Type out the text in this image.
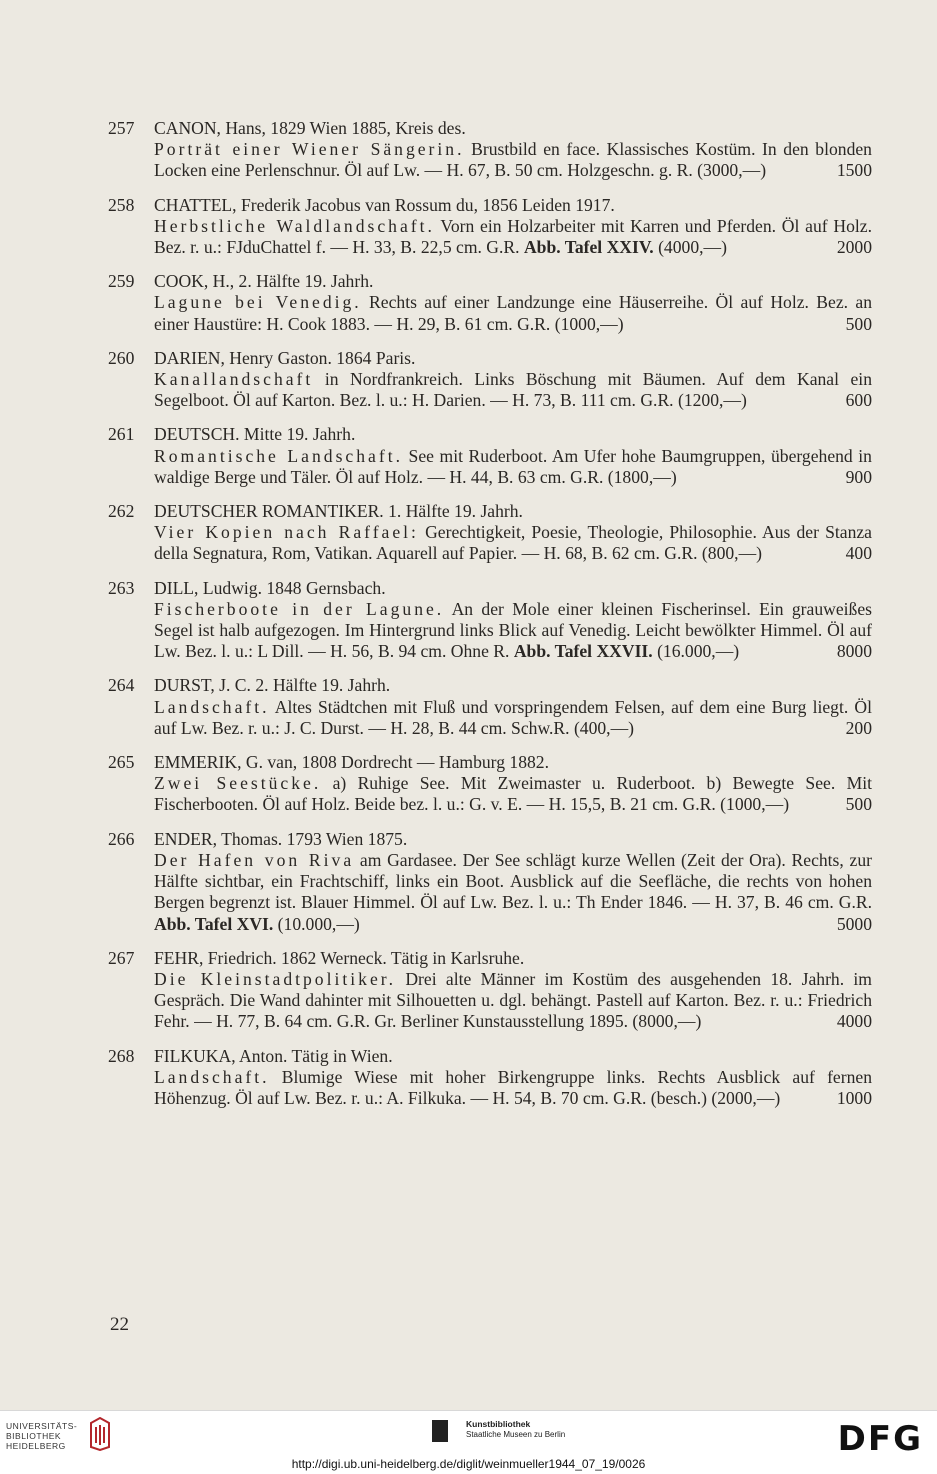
257	CANON, Hans, 1829 Wien 1885, Kreis des.
Porträt einer Wiener Sängerin. Brustbild en face. Klassisches Kostüm. In den blonden Locken eine Perlenschnur. Öl auf Lw. — H. 67, B. 50 cm. Holzgeschn. g. R. (3000,—)	1500
258	CHATTEL, Frederik Jacobus van Rossum du, 1856 Leiden 1917.
Herbstliche Waldlandschaft. Vorn ein Holzarbeiter mit Karren und Pferden. Öl auf Holz. Bez. r. u.: FJduChattel f. — H. 33, B. 22,5 cm. G.R. Abb. Tafel XXIV. (4000,—)	2000
259	COOK, H., 2. Hälfte 19. Jahrh.
Lagune bei Venedig. Rechts auf einer Landzunge eine Häuserreihe. Öl auf Holz. Bez. an einer Haustüre: H. Cook 1883. — H. 29, B. 61 cm. G.R. (1000,—)	500
260	DARIEN, Henry Gaston. 1864 Paris.
Kanallandschaft in Nordfrankreich. Links Böschung mit Bäumen. Auf dem Kanal ein Segelboot. Öl auf Karton. Bez. l. u.: H. Darien. — H. 73, B. 111 cm. G.R. (1200,—)	600
261	DEUTSCH. Mitte 19. Jahrh.
Romantische Landschaft. See mit Ruderboot. Am Ufer hohe Baumgruppen, übergehend in waldige Berge und Täler. Öl auf Holz. — H. 44, B. 63 cm. G.R. (1800,—)	900
262	DEUTSCHER ROMANTIKER. 1. Hälfte 19. Jahrh.
Vier Kopien nach Raffael: Gerechtigkeit, Poesie, Theologie, Philosophie. Aus der Stanza della Segnatura, Rom, Vatikan. Aquarell auf Papier. — H. 68, B. 62 cm. G.R. (800,—)	400
263	DILL, Ludwig. 1848 Gernsbach.
Fischerboote in der Lagune. An der Mole einer kleinen Fischerinsel. Ein grauweißes Segel ist halb aufgezogen. Im Hintergrund links Blick auf Venedig. Leicht bewölkter Himmel. Öl auf Lw. Bez. l. u.: L Dill. — H. 56, B. 94 cm. Ohne R. Abb. Tafel XXVII. (16.000,—)	8000
264	DURST, J. C. 2. Hälfte 19. Jahrh.
Landschaft. Altes Städtchen mit Fluß und vorspringendem Felsen, auf dem eine Burg liegt. Öl auf Lw. Bez. r. u.: J. C. Durst. — H. 28, B. 44 cm. Schw.R. (400,—)	200
265	EMMERIK, G. van, 1808 Dordrecht — Hamburg 1882.
Zwei Seestücke. a) Ruhige See. Mit Zweimaster u. Ruderboot. b) Bewegte See. Mit Fischerbooten. Öl auf Holz. Beide bez. l. u.: G. v. E. — H. 15,5, B. 21 cm. G.R. (1000,—)	500
266	ENDER, Thomas. 1793 Wien 1875.
Der Hafen von Riva am Gardasee. Der See schlägt kurze Wellen (Zeit der Ora). Rechts, zur Hälfte sichtbar, ein Frachtschiff, links ein Boot. Ausblick auf die Seefläche, die rechts von hohen Bergen begrenzt ist. Blauer Himmel. Öl auf Lw. Bez. l. u.: Th Ender 1846. — H. 37, B. 46 cm. G.R. Abb. Tafel XVI. (10.000,—)	5000
267	FEHR, Friedrich. 1862 Werneck. Tätig in Karlsruhe.
Die Kleinstadtpolitiker. Drei alte Männer im Kostüm des ausgehenden 18. Jahrh. im Gespräch. Die Wand dahinter mit Silhouetten u. dgl. behängt. Pastell auf Karton. Bez. r. u.: Friedrich Fehr. — H. 77, B. 64 cm. G.R. Gr. Berliner Kunstausstellung 1895. (8000,—)	4000
268	FILKUKA, Anton. Tätig in Wien.
Landschaft. Blumige Wiese mit hoher Birkengruppe links. Rechts Ausblick auf fernen Höhenzug. Öl auf Lw. Bez. r. u.: A. Filkuka. — H. 54, B. 70 cm. G.R. (besch.) (2000,—)	1000
22
UNIVERSITÄTS-
BIBLIOTHEK
HEIDELBERG
Kunstbibliothek
Staatliche Museen zu Berlin	DFG
http://digi.ub.uni-heidelberg.de/diglit/weinmueller1944_07_19/0026
